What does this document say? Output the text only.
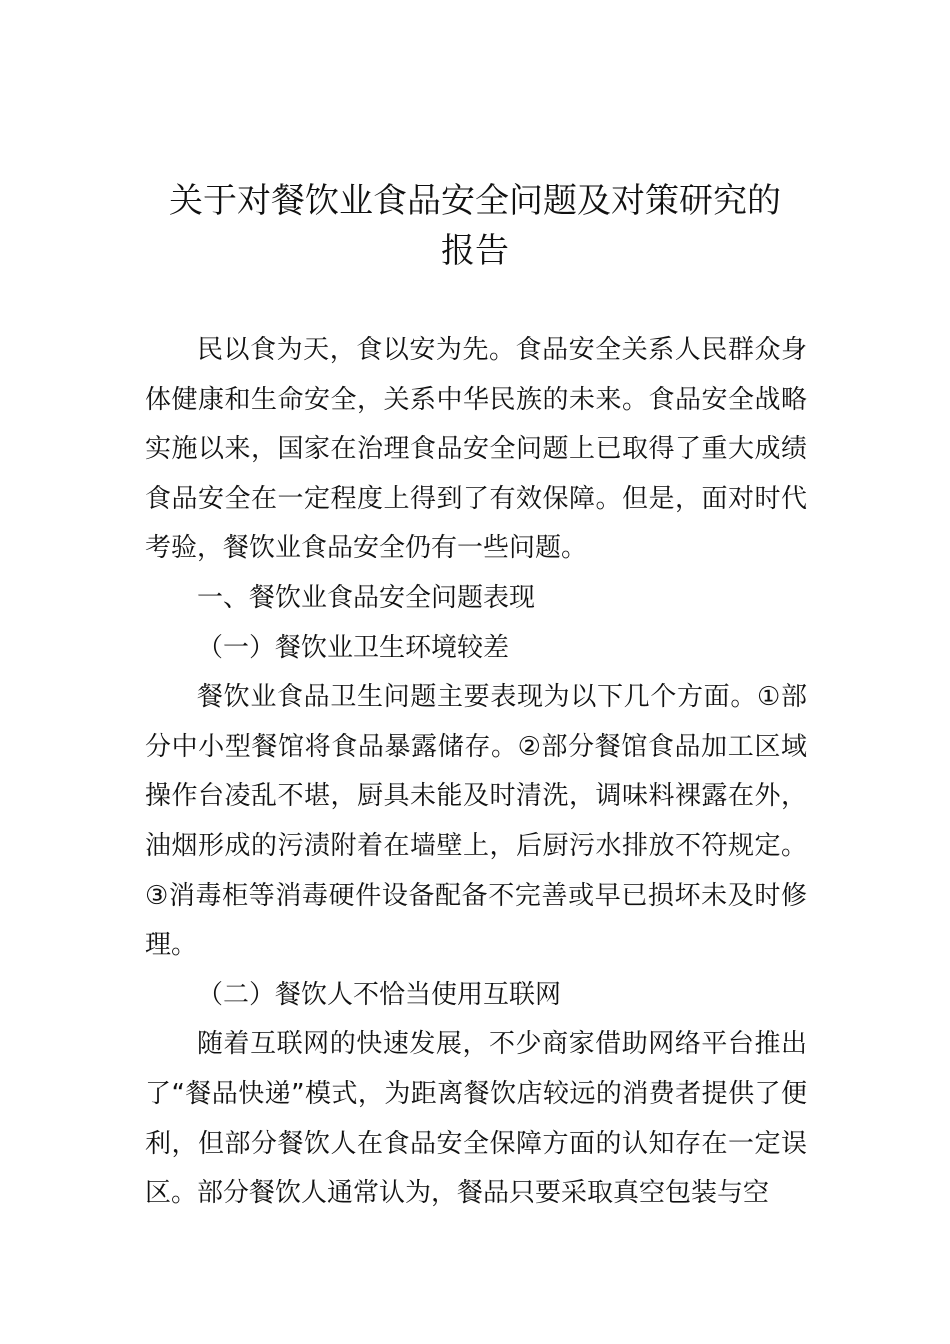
关于对餐饮业食品安全问题及对策研究的
报告

民以食为天，食以安为先。食品安全关系人民群众身体健康和生命安全，关系中华民族的未来。食品安全战略实施以来，国家在治理食品安全问题上已取得了重大成绩食品安全在一定程度上得到了有效保障。但是，面对时代考验，餐饮业食品安全仍有一些问题。

一、餐饮业食品安全问题表现

（一）餐饮业卫生环境较差

餐饮业食品卫生问题主要表现为以下几个方面。①部分中小型餐馆将食品暴露储存。②部分餐馆食品加工区域操作台凌乱不堪，厨具未能及时清洗，调味料裸露在外，油烟形成的污渍附着在墙壁上，后厨污水排放不符规定。③消毒柜等消毒硬件设备配备不完善或早已损坏未及时修理。

（二）餐饮人不恰当使用互联网

随着互联网的快速发展，不少商家借助网络平台推出了“餐品快递”模式，为距离餐饮店较远的消费者提供了便利，但部分餐饮人在食品安全保障方面的认知存在一定误区。部分餐饮人通常认为，餐品只要采取真空包装与空
